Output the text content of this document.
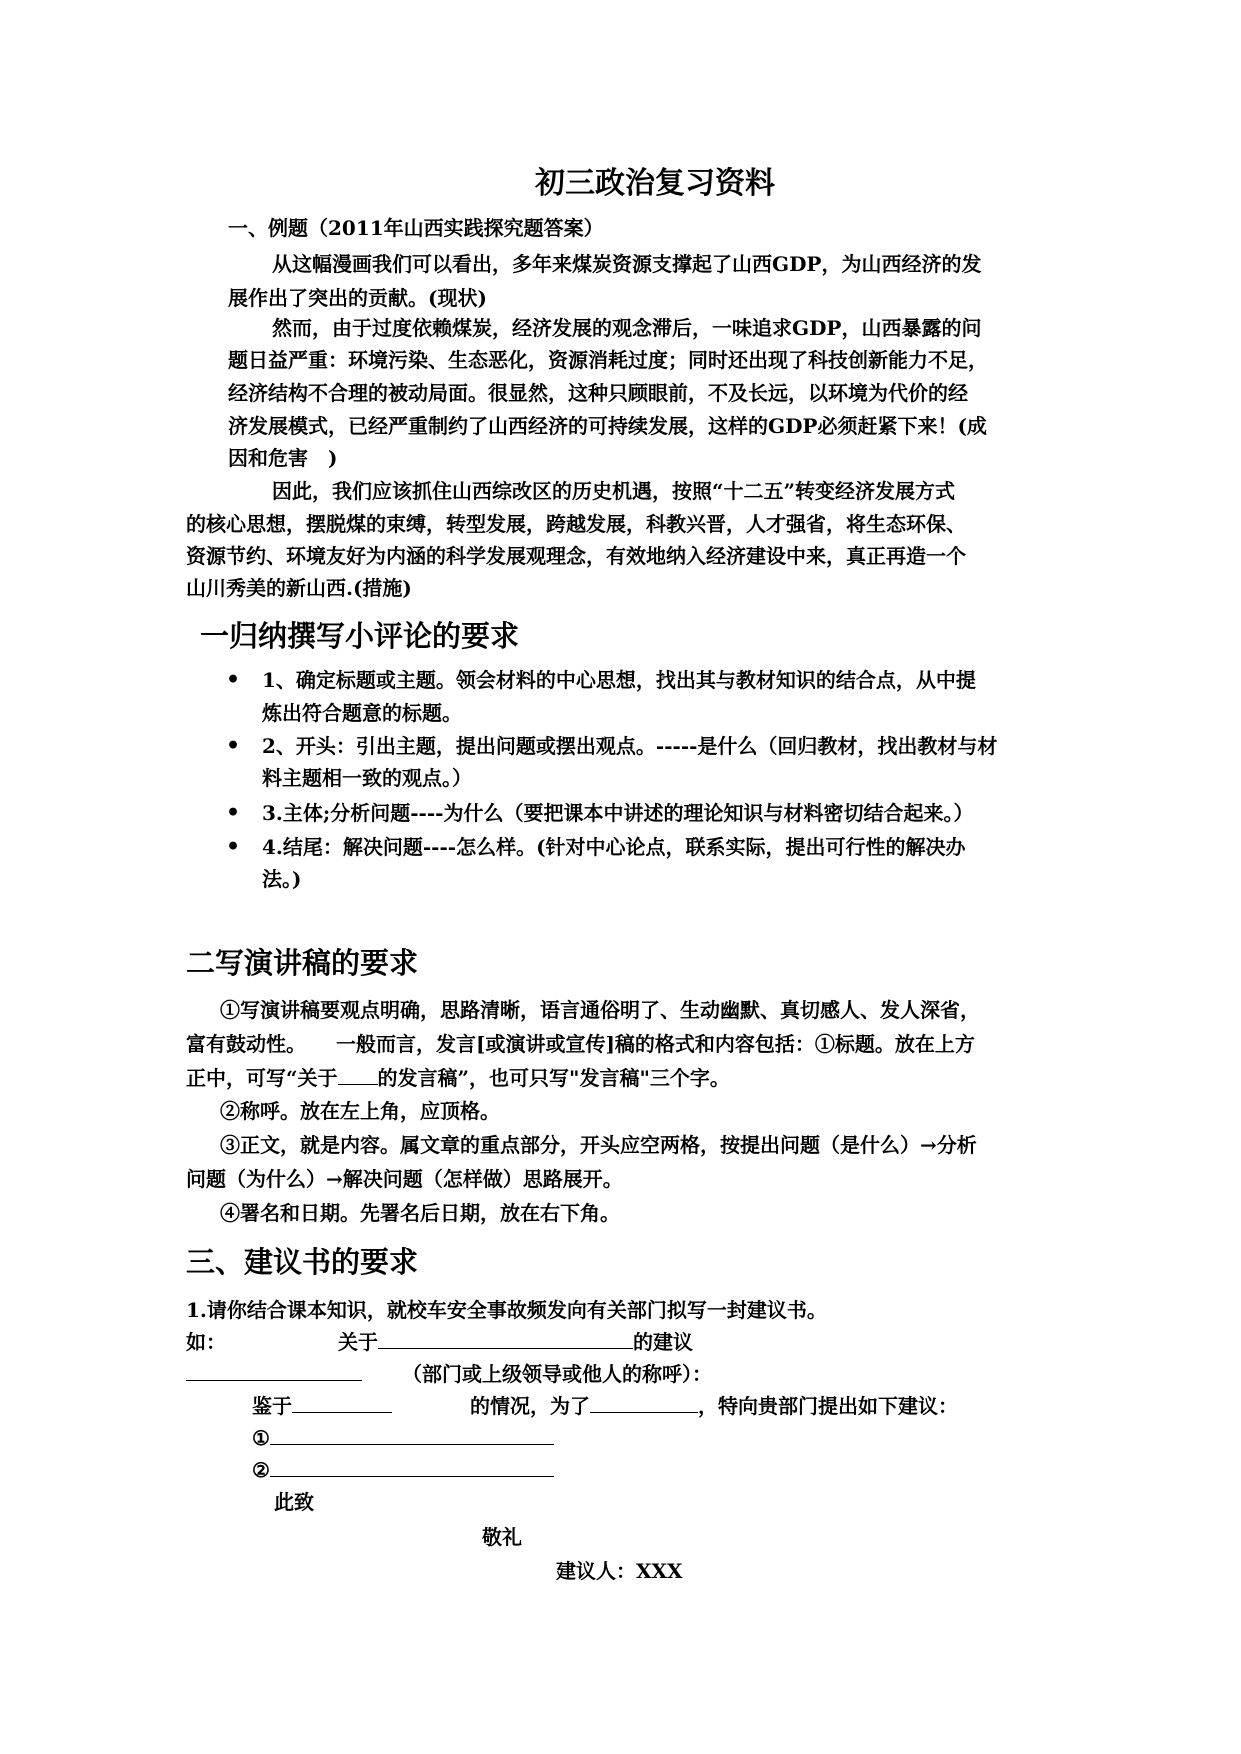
初三政治复习资料
一、例题（2011年山西实践探究题答案）
从这幅漫画我们可以看出，多年来煤炭资源支撑起了山西GDP，为山西经济的发
展作出了突出的贡献。(现状)
然而，由于过度依赖煤炭，经济发展的观念滞后，一味追求GDP，山西暴露的问
题日益严重：环境污染、生态恶化，资源消耗过度；同时还出现了科技创新能力不足，
经济结构不合理的被动局面。很显然，这种只顾眼前，不及长远，以环境为代价的经
济发展模式，已经严重制约了山西经济的可持续发展，这样的GDP必须赶紧下来！(成
因和危害　)
因此，我们应该抓住山西综改区的历史机遇，按照“十二五”转变经济发展方式
的核心思想，摆脱煤的束缚，转型发展，跨越发展，科教兴晋，人才强省，将生态环保、
资源节约、环境友好为内涵的科学发展观理念，有效地纳入经济建设中来，真正再造一个
山川秀美的新山西.(措施)
一归纳撰写小评论的要求
• 1、确定标题或主题。领会材料的中心思想，找出其与教材知识的结合点，从中提
炼出符合题意的标题。
• 2、开头：引出主题，提出问题或摆出观点。-----是什么（回归教材，找出教材与材
料主题相一致的观点。）
• 3.主体;分析问题----为什么（要把课本中讲述的理论知识与材料密切结合起来。）
• 4.结尾：解决问题----怎么样。(针对中心论点，联系实际，提出可行性的解决办
法。)
二写演讲稿的要求
①写演讲稿要观点明确，思路清晰，语言通俗明了、生动幽默、真切感人、发人深省，
富有鼓动性。　　一般而言，发言[或演讲或宣传]稿的格式和内容包括：①标题。放在上方
正中，可写“关于 的发言稿”，也可只写"发言稿"三个字。
②称呼。放在左上角，应顶格。
③正文，就是内容。属文章的重点部分，开头应空两格，按提出问题（是什么）→分析
问题（为什么）→解决问题（怎样做）思路展开。
④署名和日期。先署名后日期，放在右下角。
三、建议书的要求
1.请你结合课本知识，就校车安全事故频发向有关部门拟写一封建议书。
如：	关于	的建议
（部门或上级领导或他人的称呼）：
鉴于	的情况，为了	，特向贵部门提出如下建议：
①
②
此致
敬礼
建议人：XXX
